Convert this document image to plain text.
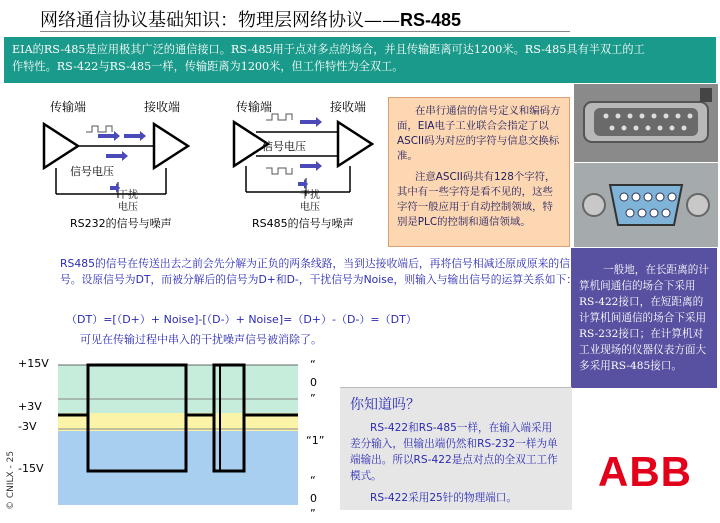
网络通信协议基础知识：物理层网络协议——RS-485
EIA的RS-485是应用极其广泛的通信接口。RS-485用于点对多点的场合，并且传输距离可达1200米。RS-485具有半双工的工
作特性。RS-422与RS-485一样，传输距离为1200米，但工作特性为全双工。
传输端	接收端
信号电压
干扰电压
RS232的信号与噪声
传输端	接收端
信号电压
干扰电压
RS485的信号与噪声

在串行通信的信号定义和编码方面，EIA电子工业联合会指定了以ASCII码为对应的字符与信息交换标准。

注意ASCII码共有128个字符，其中有一些字符是看不见的，这些字符一般应用于自动控制领域，特别是PLC的控制和通信领域。

一般地，在长距离的计算机间通信的场合下采用RS-422接口，在短距离的计算机间通信的场合下采用RS-232接口；在计算机对工业现场的仪器仪表方面大多采用RS-485接口。
RS485的信号在传送出去之前会先分解为正负的两条线路，当到达接收端后，再将信号相减还原成原来的信号。设原信号为DT，而被分解后的信号为D+和D-，干扰信号为Noise，则输入与输出信号的运算关系如下：
（DT）=[（D+）+ Noise]-[（D-）+ Noise]=（D+）-（D-）=（DT）
可见在传输过程中串入的干扰噪声信号被消除了。
+15V
+3V
-3V
-15V
“
0
”
“1”
“
0
”
你知道吗？

RS-422和RS-485一样，在输入端采用差分输入，但输出端仍然和RS-232一样为单端输出。所以RS-422是点对点的全双工工作模式。

RS-422采用25针的物理端口。

© CNILX - 25	ABB
